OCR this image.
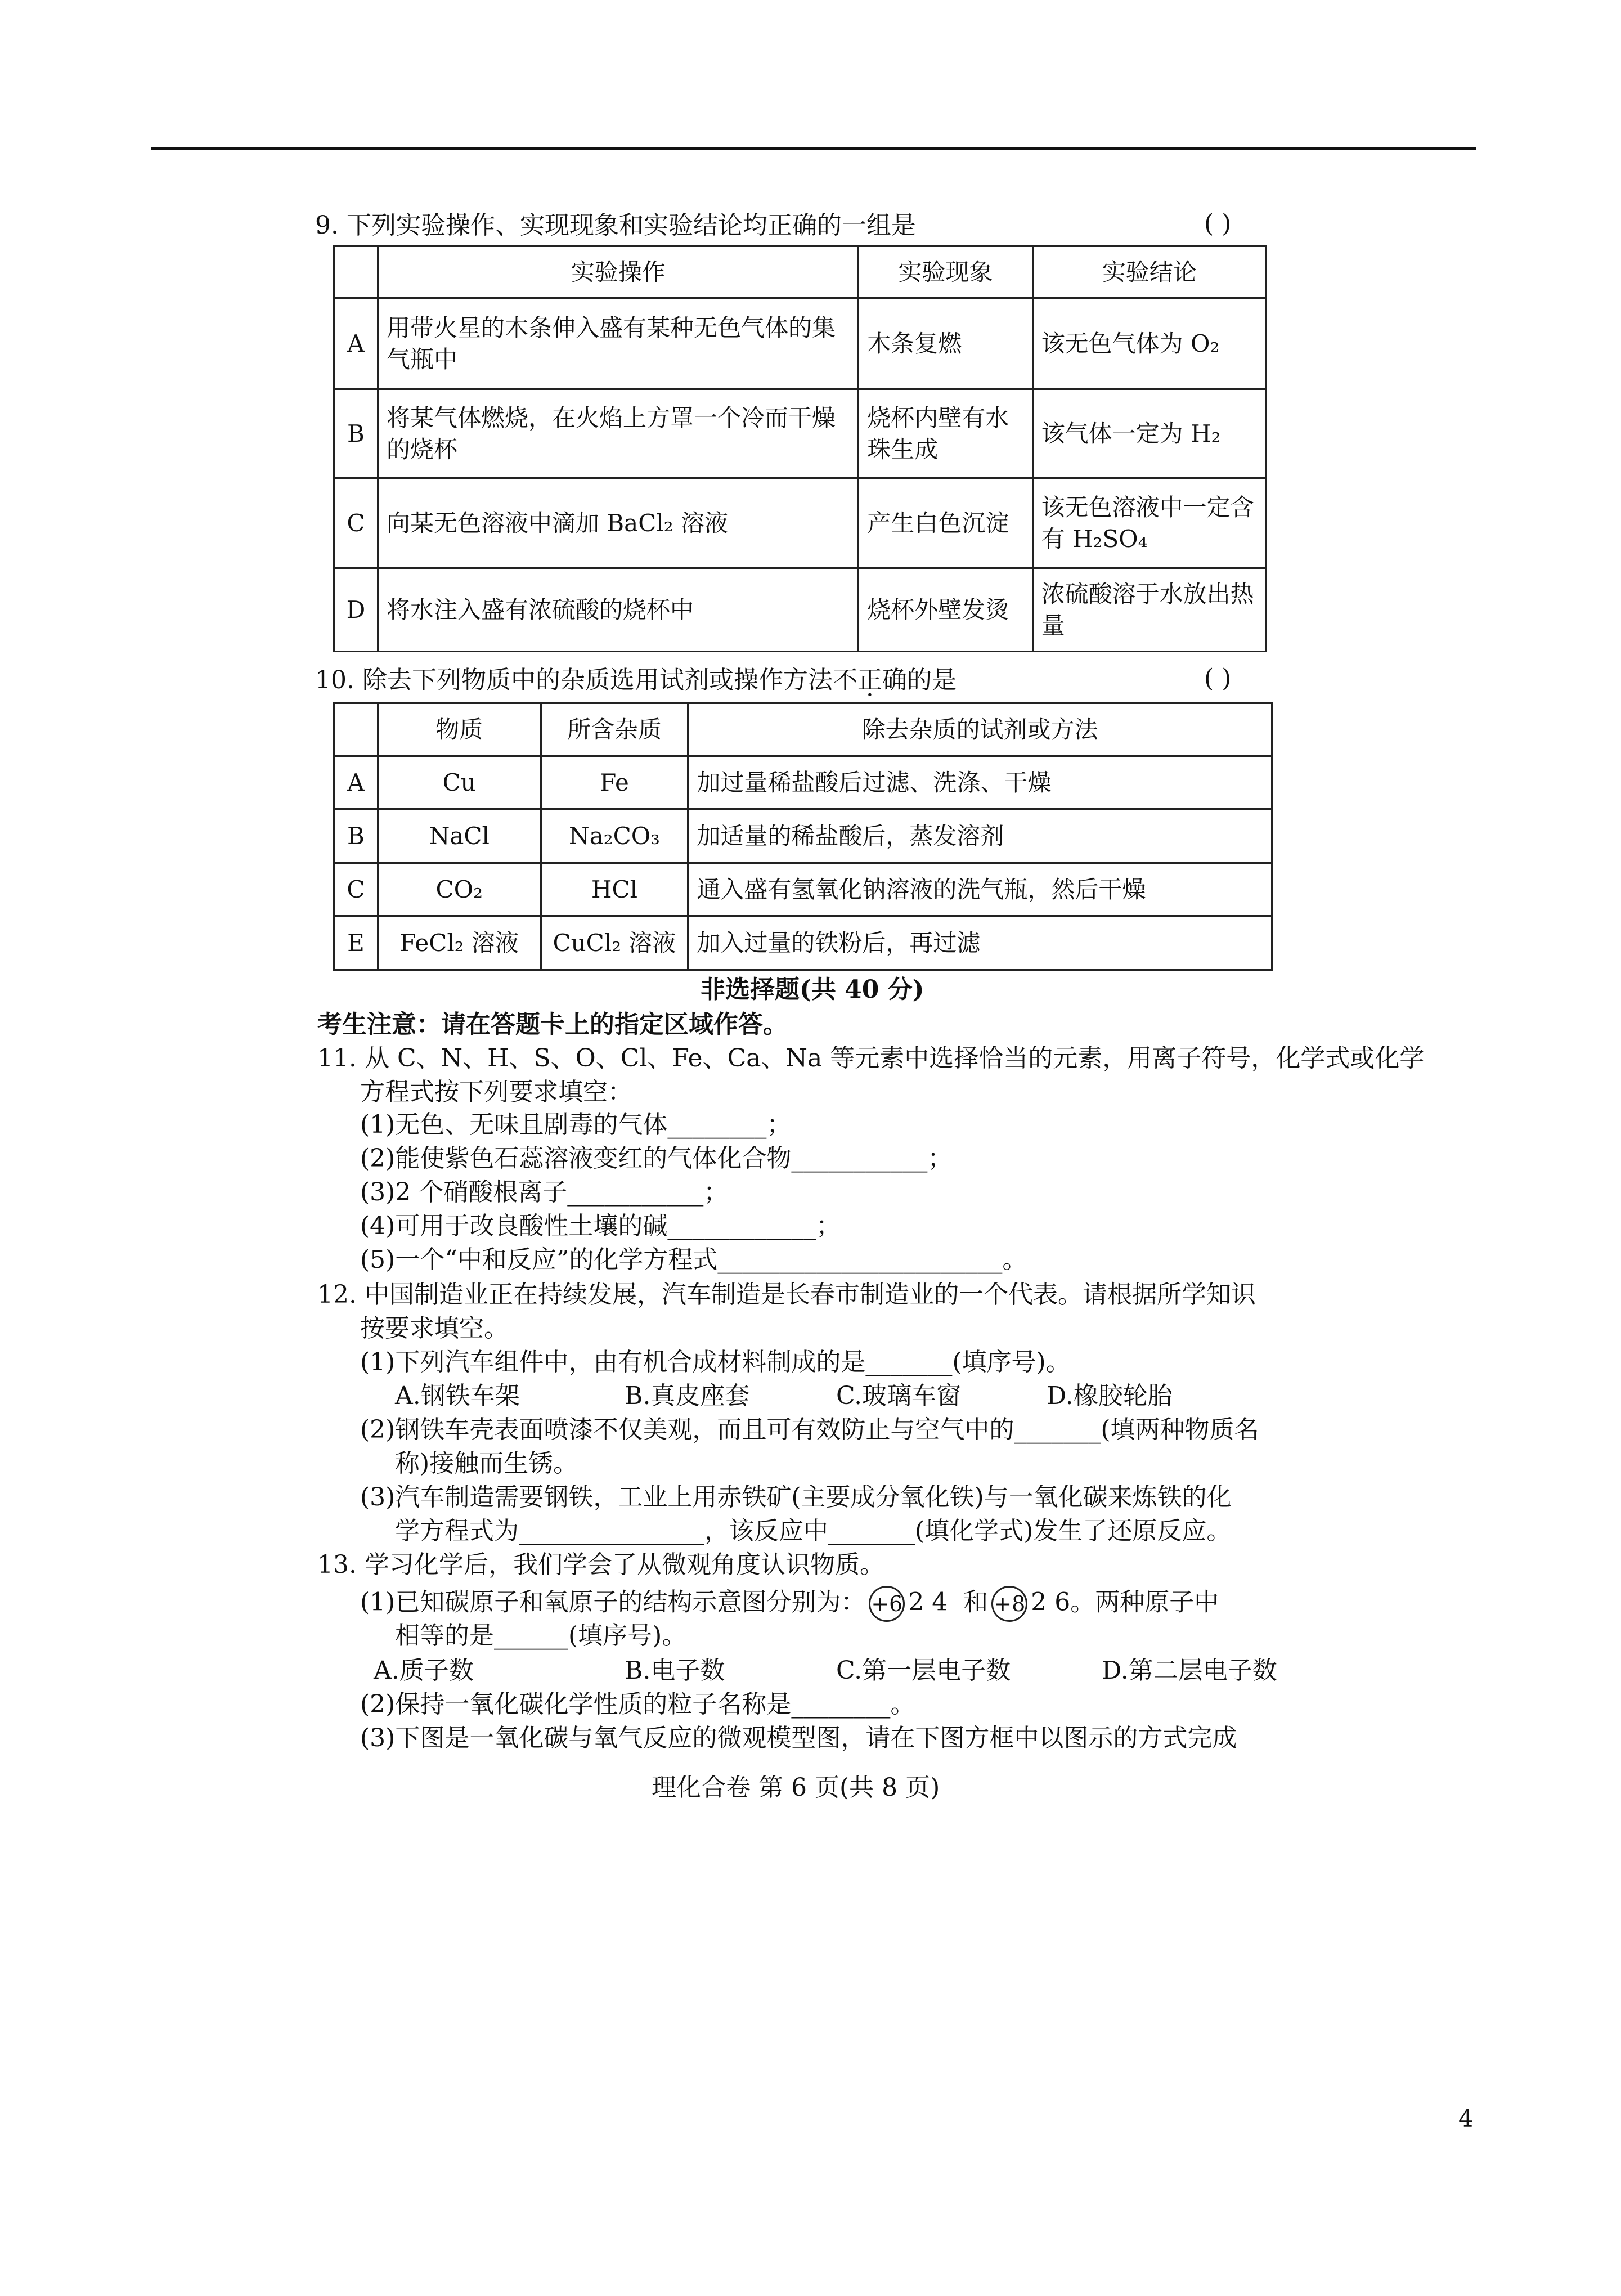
9. 下列实验操作、实现现象和实验结论均正确的一组是	( )
	实验操作	实验现象	实验结论
A	用带火星的木条伸入盛有某种无色气体的集气瓶中	木条复燃	该无色气体为 O₂
B	将某气体燃烧，在火焰上方罩一个冷而干燥的烧杯	烧杯内壁有水珠生成	该气体一定为 H₂
C	向某无色溶液中滴加 BaCl₂ 溶液	产生白色沉淀	该无色溶液中一定含有 H₂SO₄
D	将水注入盛有浓硫酸的烧杯中	烧杯外壁发烫	浓硫酸溶于水放出热量
10. 除去下列物质中的杂质选用试剂或操作方法不正确的是	( )
	物质	所含杂质	除去杂质的试剂或方法
A	Cu	Fe	加过量稀盐酸后过滤、洗涤、干燥
B	NaCl	Na₂CO₃	加适量的稀盐酸后，蒸发溶剂
C	CO₂	HCl	通入盛有氢氧化钠溶液的洗气瓶，然后干燥
E	FeCl₂ 溶液	CuCl₂ 溶液	加入过量的铁粉后，再过滤
非选择题(共 40 分)
考生注意：请在答题卡上的指定区域作答。
11. 从 C、N、H、S、O、Cl、Fe、Ca、Na 等元素中选择恰当的元素，用离子符号，化学式或化学
方程式按下列要求填空：
(1)无色、无味且剧毒的气体________；
(2)能使紫色石蕊溶液变红的气体化合物___________；
(3)2 个硝酸根离子___________；
(4)可用于改良酸性土壤的碱____________；
(5)一个“中和反应”的化学方程式_______________________。
12. 中国制造业正在持续发展，汽车制造是长春市制造业的一个代表。请根据所学知识
按要求填空。
(1)下列汽车组件中，由有机合成材料制成的是_______(填序号)。
A.钢铁车架	B.真皮座套	C.玻璃车窗	D.橡胶轮胎
(2)钢铁车壳表面喷漆不仅美观，而且可有效防止与空气中的_______(填两种物质名
称)接触而生锈。
(3)汽车制造需要钢铁，工业上用赤铁矿(主要成分氧化铁)与一氧化碳来炼铁的化
学方程式为_______________，该反应中_______(填化学式)发生了还原反应。
13. 学习化学后，我们学会了从微观角度认识物质。
(1)已知碳原子和氧原子的结构示意图分别为： +6 2 4 和 +8 2 6。两种原子中
相等的是______(填序号)。
A.质子数	B.电子数	C.第一层电子数	D.第二层电子数
(2)保持一氧化碳化学性质的粒子名称是________。
(3)下图是一氧化碳与氧气反应的微观模型图，请在下图方框中以图示的方式完成
理化合卷 第 6 页(共 8 页)
4
